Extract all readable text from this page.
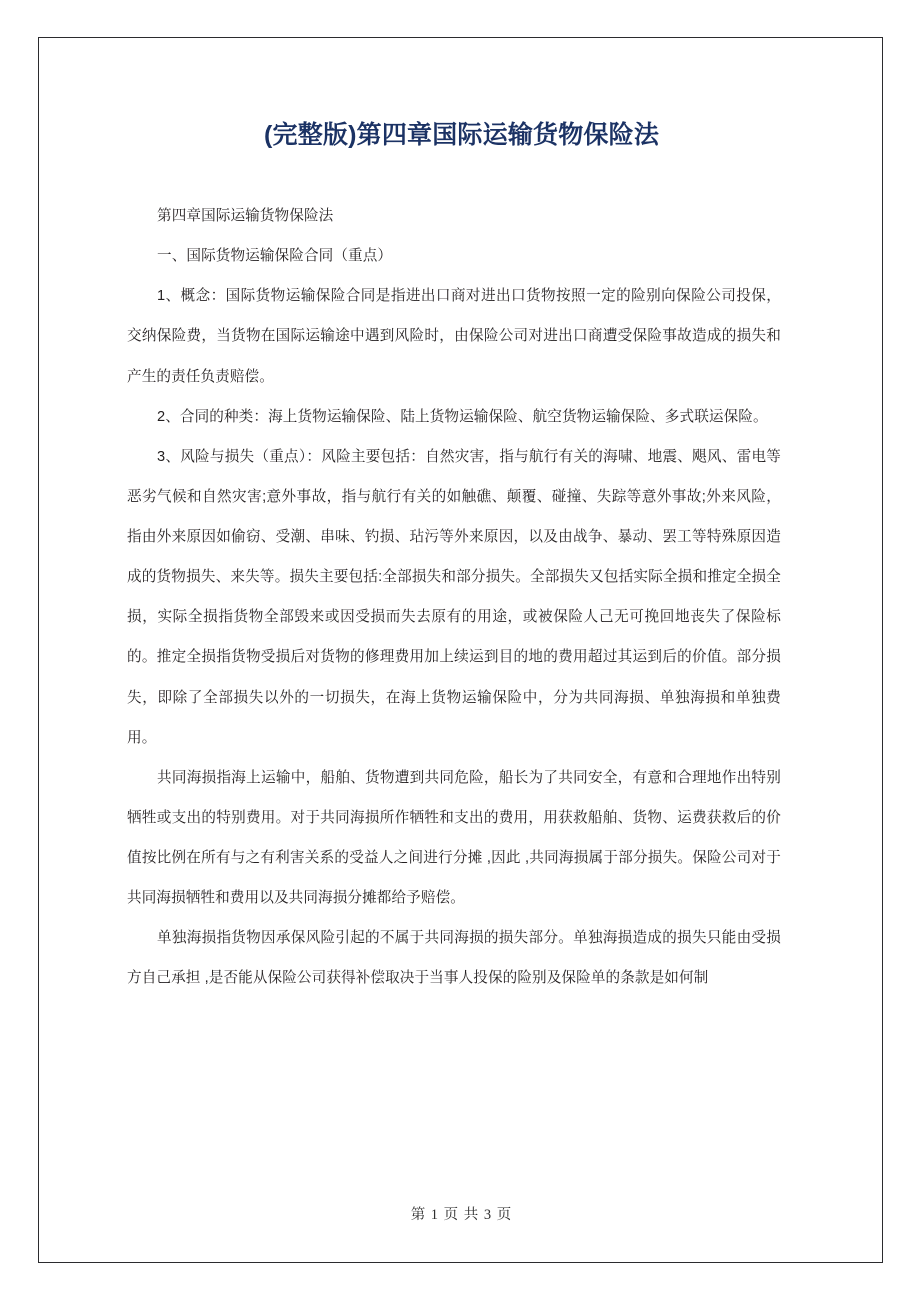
(完整版)第四章国际运输货物保险法

第四章国际运输货物保险法

一、国际货物运输保险合同（重点）

1、概念：国际货物运输保险合同是指进出口商对进出口货物按照一定的险别向保险公司投保，交纳保险费，当货物在国际运输途中遇到风险时，由保险公司对进出口商遭受保险事故造成的损失和产生的责任负责赔偿。

2、合同的种类：海上货物运输保险、陆上货物运输保险、航空货物运输保险、多式联运保险。

3、风险与损失（重点）：风险主要包括：自然灾害，指与航行有关的海啸、地震、飓风、雷电等恶劣气候和自然灾害;意外事故，指与航行有关的如触礁、颠覆、碰撞、失踪等意外事故;外来风险，指由外来原因如偷窃、受潮、串味、钓损、玷污等外来原因，以及由战争、暴动、罢工等特殊原因造成的货物损失、来失等。损失主要包括:全部损失和部分损失。全部损失又包括实际全损和推定全损全损，实际全损指货物全部毁来或因受损而失去原有的用途，或被保险人己无可挽回地丧失了保险标的。推定全损指货物受损后对货物的修理费用加上续运到目的地的费用超过其运到后的价值。部分损失，即除了全部损失以外的一切损失，在海上货物运输保险中，分为共同海损、单独海损和单独费用。

共同海损指海上运输中，船舶、货物遭到共同危险，船长为了共同安全，有意和合理地作出特别牺牲或支出的特别费用。对于共同海损所作牺牲和支出的费用，用获救船舶、货物、运费获救后的价值按比例在所有与之有利害关系的受益人之间进行分摊 ,因此 ,共同海损属于部分损失。保险公司对于共同海损牺牲和费用以及共同海损分摊都给予赔偿。

单独海损指货物因承保风险引起的不属于共同海损的损失部分。单独海损造成的损失只能由受损方自己承担 ,是否能从保险公司获得补偿取决于当事人投保的险别及保险单的条款是如何制

第 1 页 共 3 页
